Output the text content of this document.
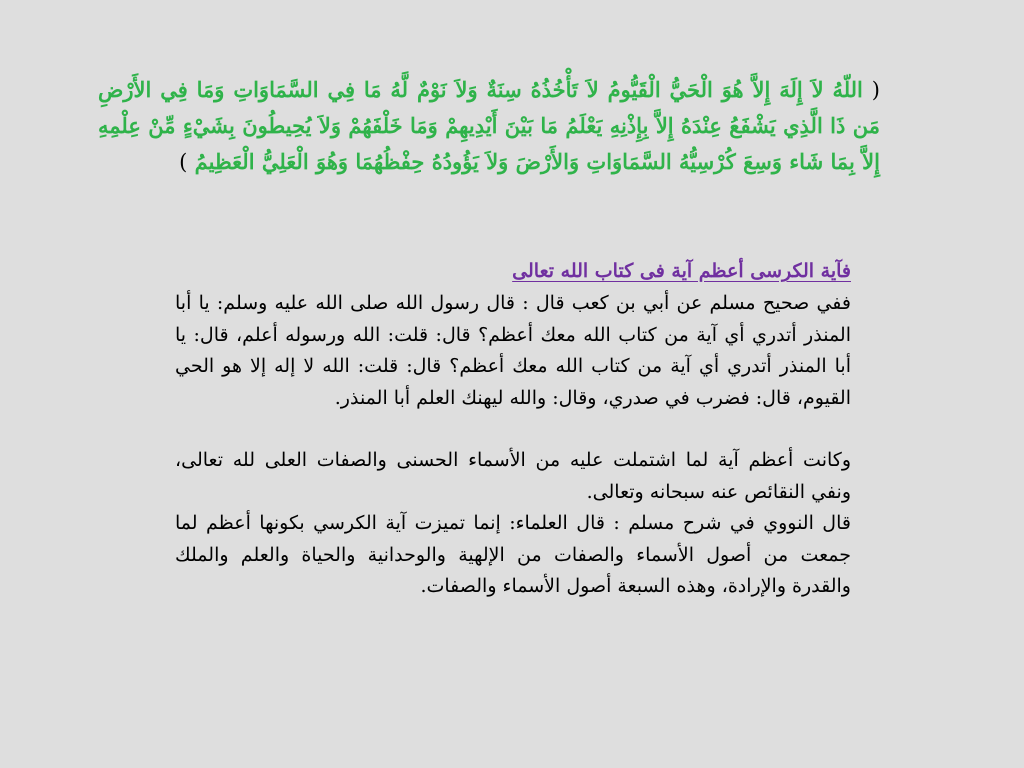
( اللّهُ لاَ إِلَهَ إِلاَّ هُوَ الْحَيُّ الْقَيُّومُ لاَ تَأْخُذُهُ سِنَةٌ وَلاَ نَوْمٌ لَّهُ مَا فِي السَّمَاوَاتِ وَمَا فِي الأَرْضِ مَن ذَا الَّذِي يَشْفَعُ عِنْدَهُ إِلاَّ بِإِذْنِهِ يَعْلَمُ مَا بَيْنَ أَيْدِيهِمْ وَمَا خَلْفَهُمْ وَلاَ يُحِيطُونَ بِشَيْءٍ مِّنْ عِلْمِهِ إِلاَّ بِمَا شَاء وَسِعَ كُرْسِيُّهُ السَّمَاوَاتِ وَالأَرْضَ وَلاَ يَؤُودُهُ حِفْظُهُمَا وَهُوَ الْعَلِيُّ الْعَظِيمُ )

فآية الكرسى أعظم آية فى كتاب الله تعالى

ففي صحيح مسلم عن أبي بن كعب قال : قال رسول الله صلى الله عليه وسلم: يا أبا المنذر أتدري أي آية من كتاب الله معك أعظم؟ قال: قلت: الله ورسوله أعلم، قال: يا أبا المنذر أتدري أي آية من كتاب الله معك أعظم؟ قال: قلت: الله لا إله إلا هو الحي القيوم، قال: فضرب في صدري، وقال: والله ليهنك العلم أبا المنذر.

وكانت أعظم آية لما اشتملت عليه من الأسماء الحسنى والصفات العلى لله تعالى، ونفي النقائص عنه سبحانه وتعالى.

قال النووي في شرح مسلم : قال العلماء: إنما تميزت آية الكرسي بكونها أعظم لما جمعت من أصول الأسماء والصفات من الإلهية والوحدانية والحياة والعلم والملك والقدرة والإرادة، وهذه السبعة أصول الأسماء والصفات.
